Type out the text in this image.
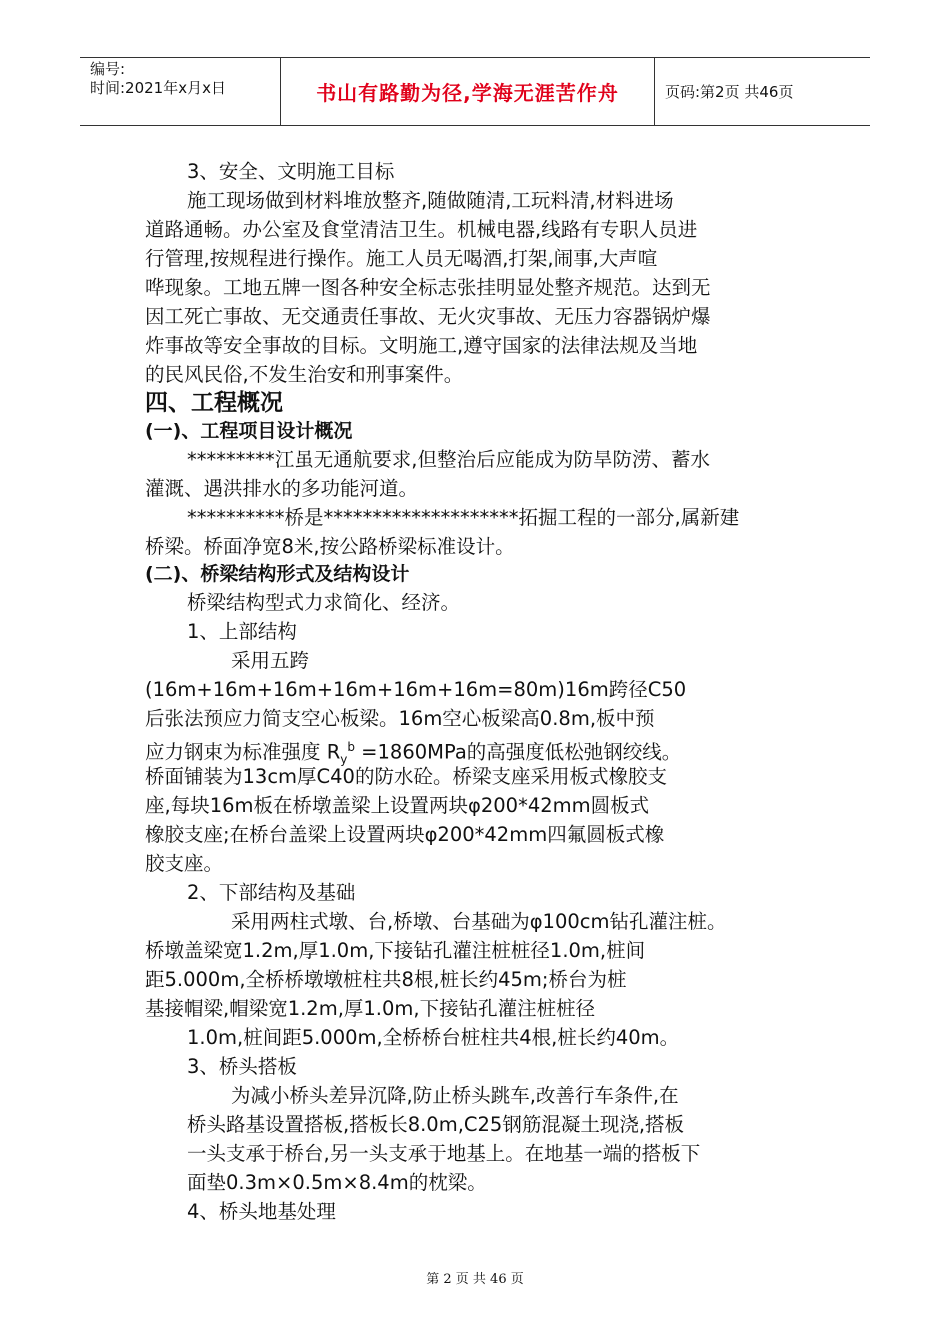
编号:
时间:2021年x月x日	书山有路勤为径,学海无涯苦作舟	页码:第2页 共46页
3、安全、文明施工目标
施工现场做到材料堆放整齐,随做随清,工玩料清,材料进场
道路通畅。办公室及食堂清洁卫生。机械电器,线路有专职人员进
行管理,按规程进行操作。施工人员无喝酒,打架,闹事,大声喧
哗现象。工地五牌一图各种安全标志张挂明显处整齐规范。达到无
因工死亡事故、无交通责任事故、无火灾事故、无压力容器锅炉爆
炸事故等安全事故的目标。文明施工,遵守国家的法律法规及当地
的民风民俗,不发生治安和刑事案件。
四、工程概况
(一)、工程项目设计概况
*********江虽无通航要求,但整治后应能成为防旱防涝、蓄水
灌溉、遇洪排水的多功能河道。
**********桥是********************拓掘工程的一部分,属新建
桥梁。桥面净宽8米,按公路桥梁标准设计。
(二)、桥梁结构形式及结构设计
桥梁结构型式力求简化、经济。
1、上部结构
采用五跨
(16m+16m+16m+16m+16m+16m=80m)16m跨径C50
后张法预应力简支空心板梁。16m空心板梁高0.8m,板中预
应力钢束为标准强度 $R_y^b =1860MPa$的高强度低松弛钢绞线。
桥面铺装为13cm厚C40的防水砼。桥梁支座采用板式橡胶支
座,每块16m板在桥墩盖梁上设置两块φ200*42mm圆板式
橡胶支座;在桥台盖梁上设置两块φ200*42mm四氟圆板式橡
胶支座。
2、下部结构及基础
采用两柱式墩、台,桥墩、台基础为φ100cm钻孔灌注桩。
桥墩盖梁宽1.2m,厚1.0m,下接钻孔灌注桩桩径1.0m,桩间
距5.000m,全桥桥墩墩桩柱共8根,桩长约45m;桥台为桩
基接帽梁,帽梁宽1.2m,厚1.0m,下接钻孔灌注桩桩径
1.0m,桩间距5.000m,全桥桥台桩柱共4根,桩长约40m。
3、桥头搭板
为减小桥头差异沉降,防止桥头跳车,改善行车条件,在
桥头路基设置搭板,搭板长8.0m,C25钢筋混凝土现浇,搭板
一头支承于桥台,另一头支承于地基上。在地基一端的搭板下
面垫0.3m×0.5m×8.4m的枕梁。
4、桥头地基处理
第 2 页 共 46 页
